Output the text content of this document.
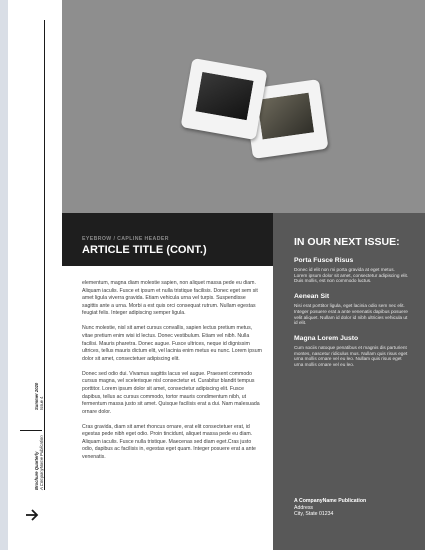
Summer 2020 Issue 4
Brochure Quarterly A CompanyName Publication
EYEBROW / CAPLINE HEADER
ARTICLE TITLE (CONT.)

elementum, magna diam molestie sapien, non aliquet massa pede eu diam. Aliquam iaculis. Fusce et ipsum et nulla tristique facilisis. Donec eget sem sit amet ligula viverra gravida. Etiam vehicula urna vel turpis. Suspendisse sagittis ante a urna. Morbi a est quis orci consequat rutrum. Nullam egestas feugiat felis. Integer adipiscing semper ligula.

Nunc molestie, nisl sit amet cursus convallis, sapien lectus pretium metus, vitae pretium enim wisi id lectus. Donec vestibulum. Etiam vel nibh. Nulla facilisi. Mauris pharetra. Donec augue. Fusce ultrices, neque id dignissim ultrices, tellus mauris dictum elit, vel lacinia enim metus eu nunc. Lorem ipsum dolor sit amet, consectetuer adipiscing elit.

Donec sed odio dui. Vivamus sagittis lacus vel augue. Praesent commodo cursus magna, vel scelerisque nisl consectetur et. Curabitur blandit tempus porttitor. Lorem ipsum dolor sit amet, consectetur adipiscing elit. Fusce dapibus, tellus ac cursus commodo, tortor mauris condimentum nibh, ut fermentum massa justo sit amet. Quisque facilisis erat a dui. Nam malesuada ornare dolor.

Cras gravida, diam sit amet rhoncus ornare, erat elit consectetuer erat, id egestas pede nibh eget odio. Proin tincidunt, aliquet massa pede eu diam. Aliquam iaculis. Fusce nulla tristique. Maecenas sed diam eget.Cras justo odio, dapibus ac facilisis in, egestas eget quam. Integer posuere erat a ante venenatis.

IN OUR NEXT ISSUE:
Porta Fusce Risus

Donec id elit non mi porta gravida at eget metus. Lorem ipsum dolor sit amet, consectetur adipiscing elit. Duis mollis, est non commodo luctus.

Aenean Sit

Nisi erat porttitor ligula, eget lacinia odio sem nec elit. Integer posuere erat a ante venenatis dapibus posuere velit aliquet. Nullam id dolor id nibh ultricies vehicula ut id elit.

Magna Lorem Justo

Cum sociis natoque penatibus et magnis dis parturient montes, nascetur ridiculus mus. Nullam quis risus eget urna mollis ornare vel eu leo. Nullam quis risus eget urna mollis ornare vel eu leo.

A CompanyName Publication
Address
City, State 01234
